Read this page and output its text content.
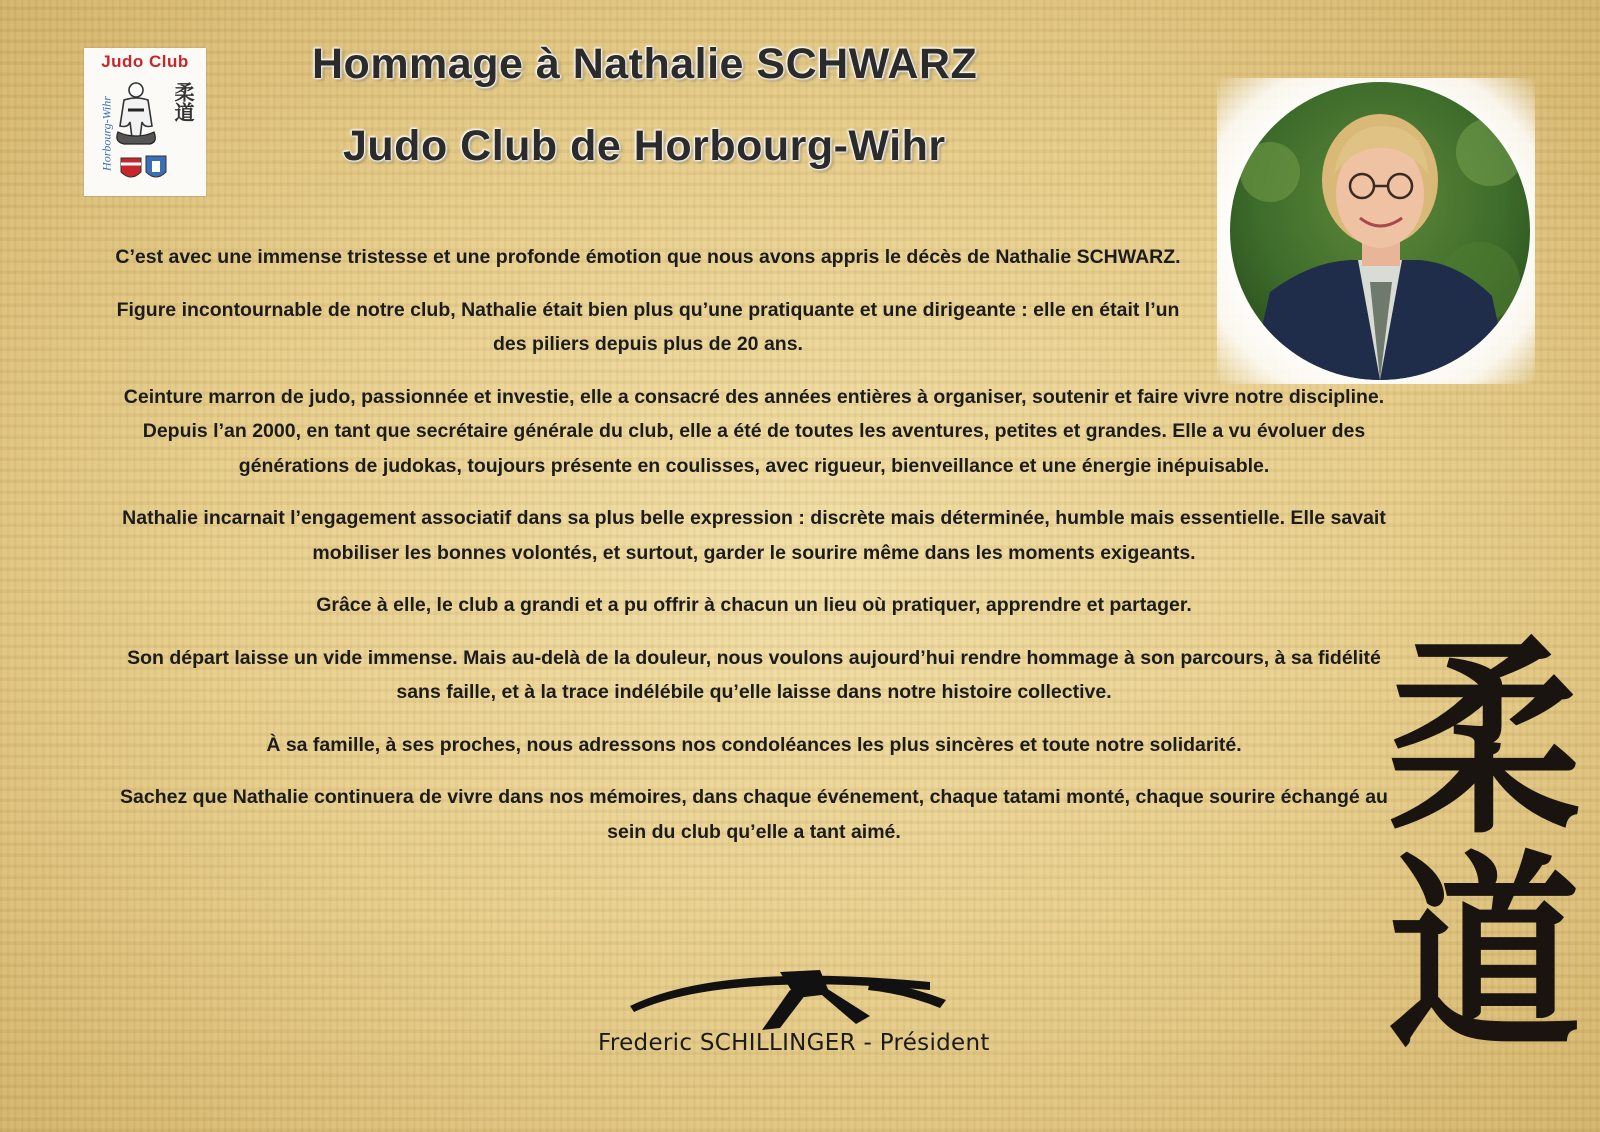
Judo Club
Horbourg-Wihr	柔道
Hommage à Nathalie SCHWARZ
Judo Club de Horbourg-Wihr

C’est avec une immense tristesse et une profonde émotion que nous avons appris le décès de Nathalie SCHWARZ.

Figure incontournable de notre club, Nathalie était bien plus qu’une pratiquante et une dirigeante : elle en était l’un des piliers depuis plus de 20 ans.

Ceinture marron de judo, passionnée et investie, elle a consacré des années entières à organiser, soutenir et faire vivre notre discipline. Depuis l’an 2000, en tant que secrétaire générale du club, elle a été de toutes les aventures, petites et grandes. Elle a vu évoluer des générations de judokas, toujours présente en coulisses, avec rigueur, bienveillance et une énergie inépuisable.

Nathalie incarnait l’engagement associatif dans sa plus belle expression : discrète mais déterminée, humble mais essentielle. Elle savait mobiliser les bonnes volontés, et surtout, garder le sourire même dans les moments exigeants.

Grâce à elle, le club a grandi et a pu offrir à chacun un lieu où pratiquer, apprendre et partager.

Son départ laisse un vide immense. Mais au-delà de la douleur, nous voulons aujourd’hui rendre hommage à son parcours, à sa fidélité sans faille, et à la trace indélébile qu’elle laisse dans notre histoire collective.

À sa famille, à ses proches, nous adressons nos condoléances les plus sincères et toute notre solidarité.

Sachez que Nathalie continuera de vivre dans nos mémoires, dans chaque événement, chaque tatami monté, chaque sourire échangé au sein du club qu’elle a tant aimé.	柔
道
Frederic SCHILLINGER - Président
